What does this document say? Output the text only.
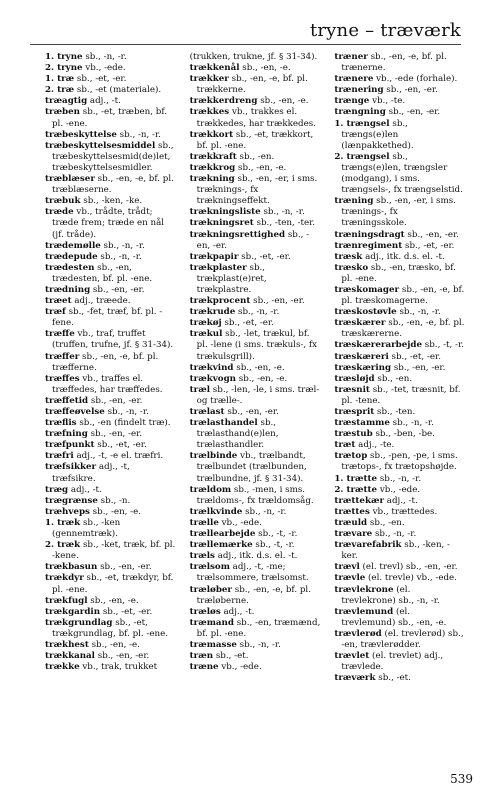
tryne – træværk

1. tryne sb., -n, -r.

2. tryne vb., -ede.

1. træ sb., -et, -er.

2. træ sb., -et (materiale).

træagtig adj., -t.

træben sb., -et, træben, bf. pl. -ene.

træbeskyttelse sb., -n, -r.

træbeskyttelsesmiddel sb., træbeskyttelsesmid(de)let, træbeskyttelsesmidler.

træblæser sb., -en, -e, bf. pl. træblæserne.

træbuk sb., -ken, -ke.

træde vb., trådte, trådt; træde frem; træde en nål (jf. tråde).

trædemølle sb., -n, -r.

trædepude sb., -n, -r.

trædesten sb., -en, trædesten, bf. pl. -ene.

trædning sb., -en, -er.

træet adj., træede.

træf sb., -fet, træf, bf. pl. -fene.

træffe vb., traf, truffet (truffen, trufne, jf. § 31-34).

træffer sb., -en, -e, bf. pl. træfferne.

træffes vb., traffes el. træffedes, har træffedes.

træffetid sb., -en, -er.

træffeøvelse sb., -n, -r.

træflis sb., -en (findelt træ).

træfning sb., -en, -er.

træfpunkt sb., -et, -er.

træfri adj., -t, -e el. træfri.

træfsikker adj., -t, træfsikre.

træg adj., -t.

trægrænse sb., -n.

træhveps sb., -en, -e.

1. træk sb., -ken (gennemtræk).

2. træk sb., -ket, træk, bf. pl. -kene.

trækbasun sb., -en, -er.

trækdyr sb., -et, trækdyr, bf. pl. -ene.

trækfugl sb., -en, -e.

trækgardin sb., -et, -er.

trækgrundlag sb., -et, trækgrundlag, bf. pl. -ene.

trækhest sb., -en, -e.

trækkanal sb., -en, -er.

trække vb., trak, trukket

(trukken, trukne, jf. § 31-34).

trækkenål sb., -en, -e.

trækker sb., -en, -e, bf. pl. trækkerne.

trækkerdreng sb., -en, -e.

trækkes vb., trakkes el. trækkedes, har trækkedes.

trækkort sb., -et, trækkort, bf. pl. -ene.

trækkraft sb., -en.

trækkrog sb., -en, -e.

trækning sb., -en, -er, i sms. træknings-, fx trækningseffekt.

trækningsliste sb., -n, -r.

trækningsret sb., -ten, -ter.

trækningsrettighed sb., -en, -er.

trækpapir sb., -et, -er.

trækplaster sb., trækplast(e)ret, trækplastre.

trækprocent sb., -en, -er.

trækrude sb., -n, -r.

trækøj sb., -et, -er.

trækul sb., -let, trækul, bf. pl. -lene (i sms. trækuls-, fx trækulsgrill).

trækvind sb., -en, -e.

trækvogn sb., -en, -e.

træl sb., -len, -le, i sms. træl- og trælle-.

trælast sb., -en, -er.

trælasthandel sb., trælasthand(e)len, trælasthandler.

trælbinde vb., trælbandt, trælbundet (trælbunden, trælbundne, jf. § 31-34).

trældom sb., -men, i sms. trældoms-, fx trældomsåg.

trælkvinde sb., -n, -r.

trælle vb., -ede.

trællearbejde sb., -t, -r.

trællemærke sb., -t, -r.

træls adj., itk. d.s. el. -t.

trælsom adj., -t, -me; trælsommere, trælsomst.

træløber sb., -en, -e, bf. pl. træløberne.

træløs adj., -t.

træmand sb., -en, træmænd, bf. pl. -ene.

træmasse sb., -n, -r.

træn sb., -et.

træne vb., -ede.

træner sb., -en, -e, bf. pl. trænerne.

trænere vb., -ede (forhale).

trænering sb., -en, -er.

trænge vb., -te.

trængning sb., -en, -er.

1. trængsel sb., trængs(e)len (lænpakkethed).

2. trængsel sb., trængs(e)len, trængsler (modgang), i sms. trængsels-, fx trængselstid.

træning sb., -en, -er, i sms. trænings-, fx træningsskole.

træningsdragt sb., -en, -er.

trænregiment sb., -et, -er.

træsk adj., itk. d.s. el. -t.

træsko sb., -en, træsko, bf. pl. -ene.

træskomager sb., -en, -e, bf. pl. træskomagerne.

træskostøvle sb., -n, -r.

træskærer sb., -en, -e, bf. pl. træskærerne.

træskærerarbejde sb., -t, -r.

træskæreri sb., -et, -er.

træskæring sb., -en, -er.

træsløjd sb., -en.

træsnit sb., -tet, træsnit, bf. pl. -tene.

træsprit sb., -ten.

træstamme sb., -n, -r.

træstub sb., -ben, -be.

træt adj., -te.

trætop sb., -pen, -pe, i sms. trætops-, fx trætopshøjde.

1. trætte sb., -n, -r.

2. trætte vb., -ede.

trættekær adj., -t.

trættes vb., trættedes.

træuld sb., -en.

trævare sb., -n, -r.

trævarefabrik sb., -ken, -ker.

trævl (el. trevl) sb., -en, -er.

trævle (el. trevle) vb., -ede.

trævlekrone (el. trevlekrone) sb., -n, -r.

trævlemund (el. trevlemund) sb., -en, -e.

trævlerød (el. trevlerød) sb., -en, trævlerødder.

trævlet (el. trevlet) adj., trævlede.

træværk sb., -et.

539
